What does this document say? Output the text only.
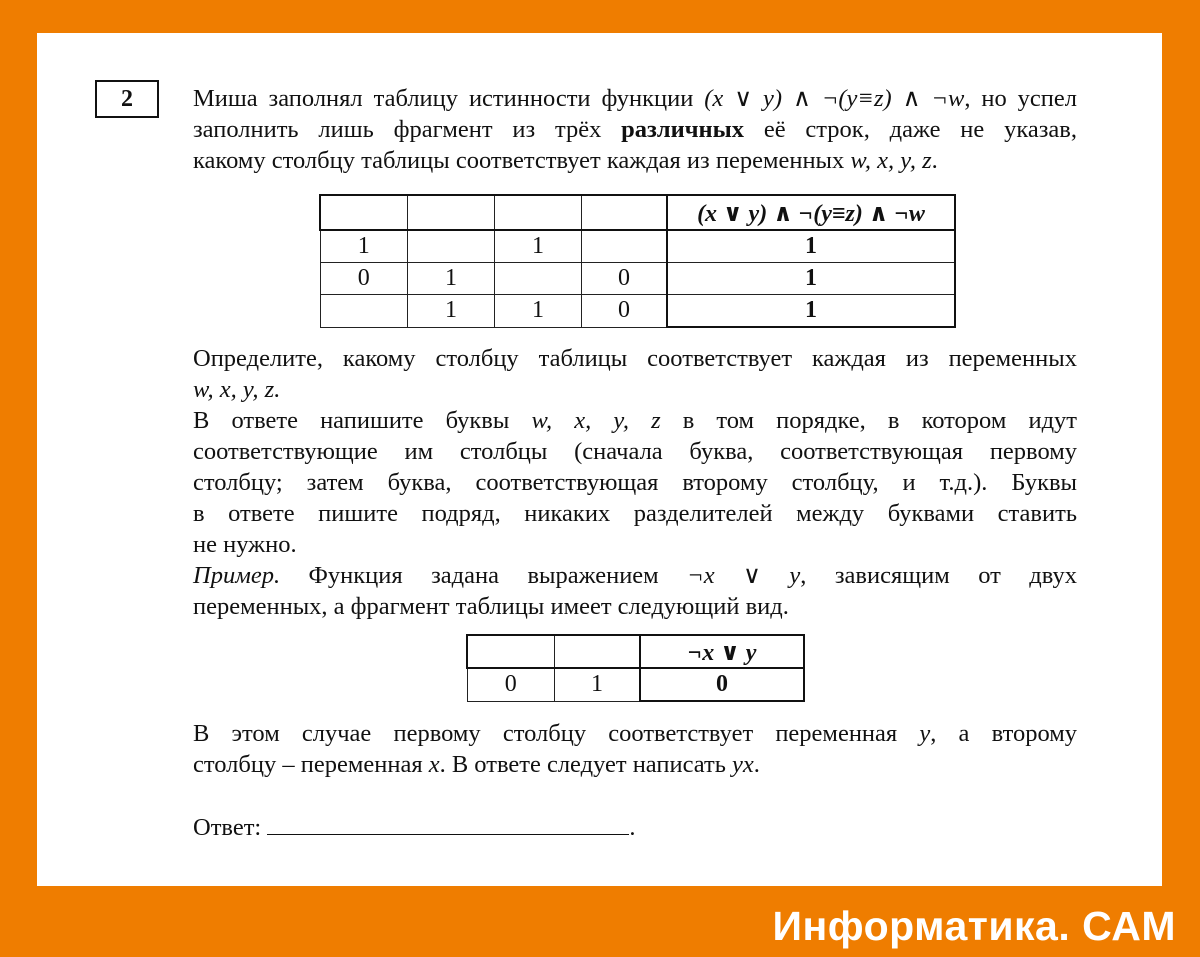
2	Миша заполнял таблицу истинности функции (x ∨ y) ∧ ¬(y≡z) ∧ ¬w, но успел
заполнить лишь фрагмент из трёх различных её строк, даже не указав,
какому столбцу таблицы соответствует каждая из переменных w, x, y, z.
				(x ∨ y) ∧ ¬(y≡z) ∧ ¬w
1		1		1
0	1		0	1
	1	1	0	1
Определите, какому столбцу таблицы соответствует каждая из переменных
w, x, y, z.
В ответе напишите буквы w, x, y, z в том порядке, в котором идут
соответствующие им столбцы (сначала буква, соответствующая первому
столбцу; затем буква, соответствующая второму столбцу, и т.д.). Буквы
в ответе пишите подряд, никаких разделителей между буквами ставить
не нужно.
Пример. Функция задана выражением ¬x ∨ y, зависящим от двух
переменных, а фрагмент таблицы имеет следующий вид.
		¬x ∨ y
0	1	0
В этом случае первому столбцу соответствует переменная y, а второму
столбцу – переменная x. В ответе следует написать yx.
Ответ:	.
Информатика. САМ
